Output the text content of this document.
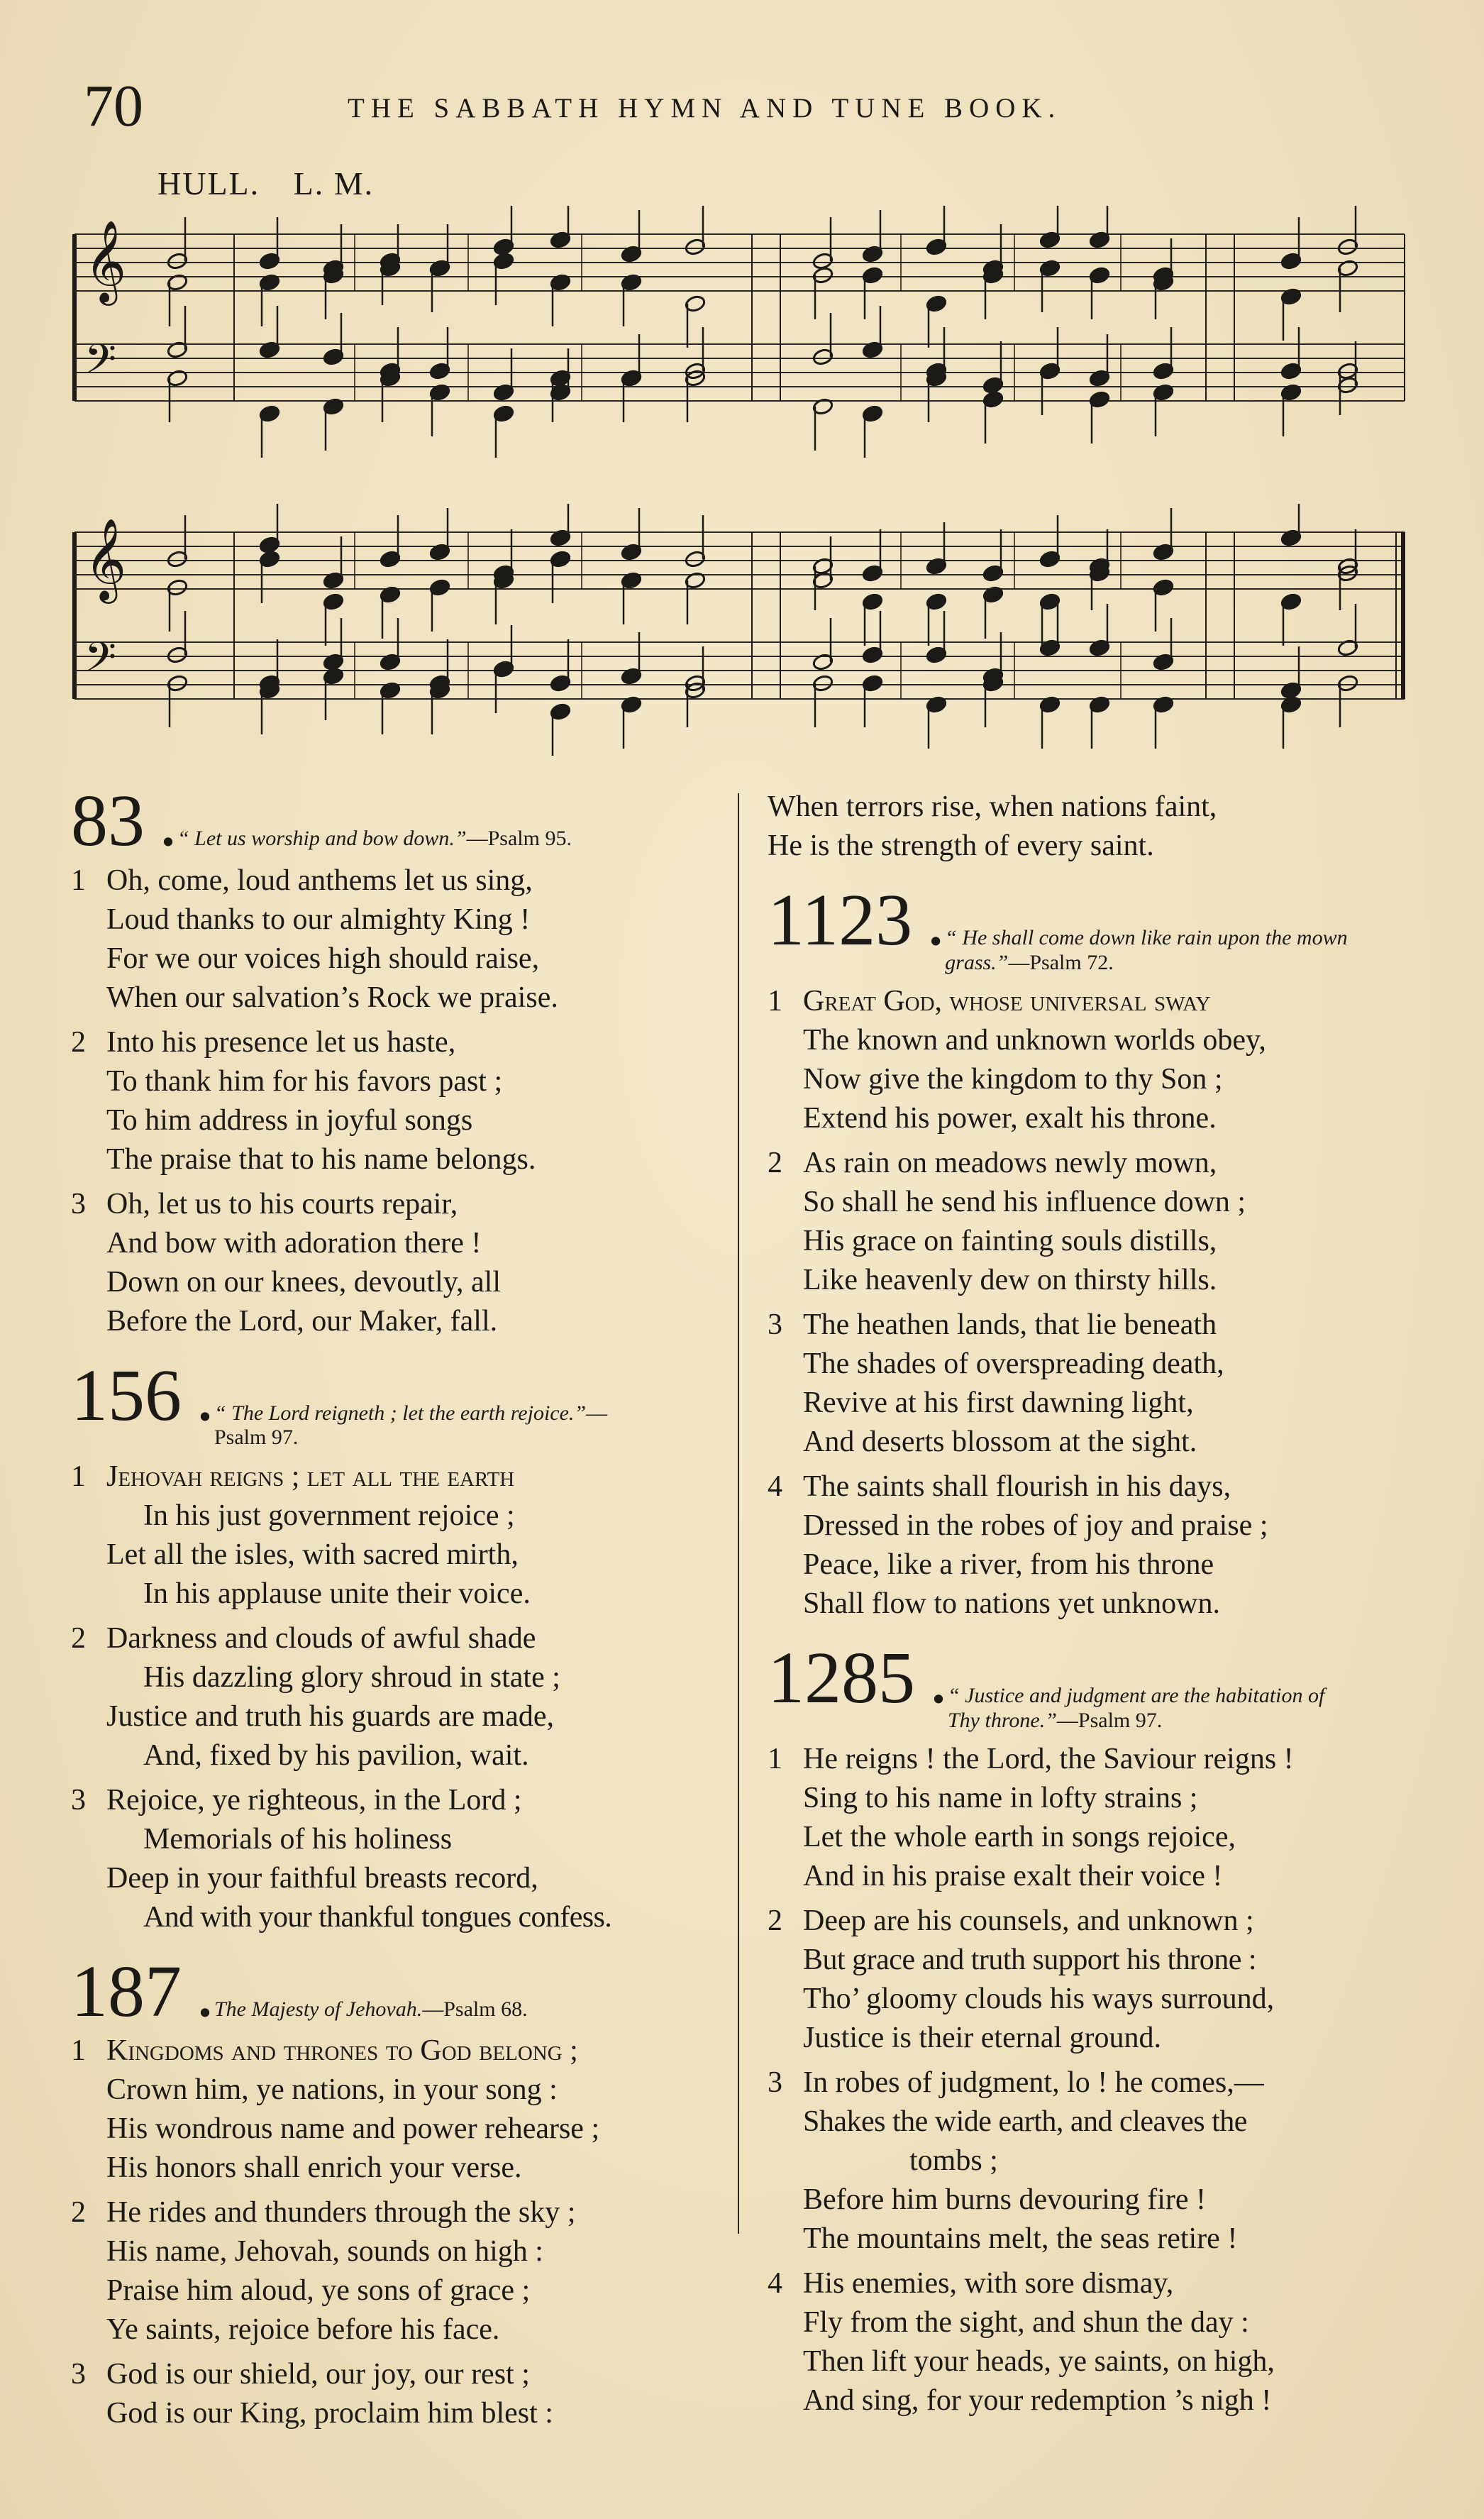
70	THE SABBATH HYMN AND TUNE BOOK.
HULL. L. M.
𝄞
𝄢
𝄞
𝄢
83 . “ Let us worship and bow down.”—Psalm 95.
1 Oh, come, loud anthems let us sing,
Loud thanks to our almighty King !
For we our voices high should raise,
When our salvation’s Rock we praise.
2 Into his presence let us haste,
To thank him for his favors past ;
To him address in joyful songs
The praise that to his name belongs.
3 Oh, let us to his courts repair,
And bow with adoration there !
Down on our knees, devoutly, all
Before the Lord, our Maker, fall.
156 . “ The Lord reigneth ; let the earth rejoice.”—Psalm 97.
1 Jehovah reigns ; let all the earth
In his just government rejoice ;
Let all the isles, with sacred mirth,
In his applause unite their voice.
2 Darkness and clouds of awful shade
His dazzling glory shroud in state ;
Justice and truth his guards are made,
And, fixed by his pavilion, wait.
3 Rejoice, ye righteous, in the Lord ;
Memorials of his holiness
Deep in your faithful breasts record,
And with your thankful tongues confess.
187 . The Majesty of Jehovah.—Psalm 68.
1 Kingdoms and thrones to God belong ;
Crown him, ye nations, in your song :
His wondrous name and power rehearse ;
His honors shall enrich your verse.
2 He rides and thunders through the sky ;
His name, Jehovah, sounds on high :
Praise him aloud, ye sons of grace ;
Ye saints, rejoice before his face.
3 God is our shield, our joy, our rest ;
God is our King, proclaim him blest :
When terrors rise, when nations faint,
He is the strength of every saint.
1123 . “ He shall come down like rain upon the mown grass.”—Psalm 72.
1 Great God, whose universal sway
The known and unknown worlds obey,
Now give the kingdom to thy Son ;
Extend his power, exalt his throne.
2 As rain on meadows newly mown,
So shall he send his influence down ;
His grace on fainting souls distills,
Like heavenly dew on thirsty hills.
3 The heathen lands, that lie beneath
The shades of overspreading death,
Revive at his first dawning light,
And deserts blossom at the sight.
4 The saints shall flourish in his days,
Dressed in the robes of joy and praise ;
Peace, like a river, from his throne
Shall flow to nations yet unknown.
1285 . “ Justice and judgment are the habitation of Thy throne.”—Psalm 97.
1 He reigns ! the Lord, the Saviour reigns !
Sing to his name in lofty strains ;
Let the whole earth in songs rejoice,
And in his praise exalt their voice !
2 Deep are his counsels, and unknown ;
But grace and truth support his throne :
Tho’ gloomy clouds his ways surround,
Justice is their eternal ground.
3 In robes of judgment, lo ! he comes,—
Shakes the wide earth, and cleaves the
tombs ;
Before him burns devouring fire !
The mountains melt, the seas retire !
4 His enemies, with sore dismay,
Fly from the sight, and shun the day :
Then lift your heads, ye saints, on high,
And sing, for your redemption ’s nigh !
